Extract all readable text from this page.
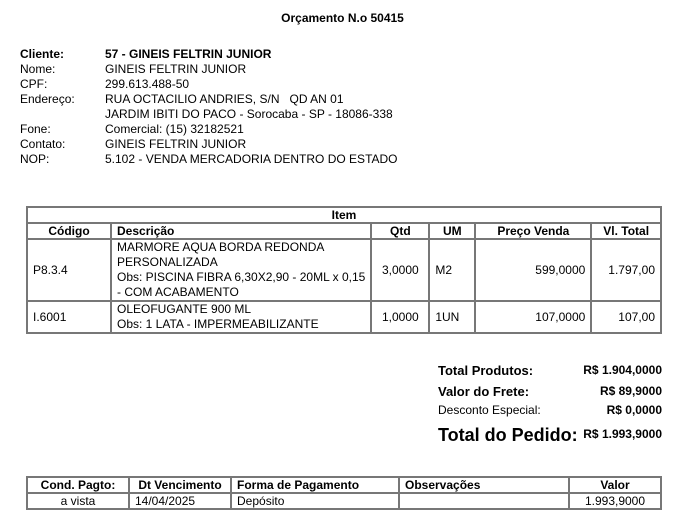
Orçamento N.o 50415
Cliente:	57 - GINEIS FELTRIN JUNIOR
Nome:	GINEIS FELTRIN JUNIOR
CPF:	299.613.488-50
Endereço:	RUA OCTACILIO ANDRIES, S/N   QD AN 01
JARDIM IBITI DO PACO - Sorocaba - SP - 18086-338
Fone:	Comercial: (15) 32182521
Contato:	GINEIS FELTRIN JUNIOR
NOP:	5.102 - VENDA MERCADORIA DENTRO DO ESTADO
Item					
Código	Descrição	Qtd	UM	Preço Venda	Vl. Total
P8.3.4	MARMORE AQUA BORDA REDONDA
PERSONALIZADA
Obs: PISCINA FIBRA 6,30X2,90 - 20ML x 0,15
- COM ACABAMENTO	3,0000	M2	599,0000	1.797,00
I.6001	OLEOFUGANTE 900 ML
Obs: 1 LATA - IMPERMEABILIZANTE	1,0000	1UN	107,0000	107,00
Total Produtos:	R$ 1.904,0000
Valor do Frete:	R$ 89,9000
Desconto Especial:	R$ 0,0000
Total do Pedido: R$ 1.993,9000
Cond. Pagto:	Dt Vencimento	Forma de Pagamento	Observações	Valor
a vista	14/04/2025	Depósito		1.993,9000
